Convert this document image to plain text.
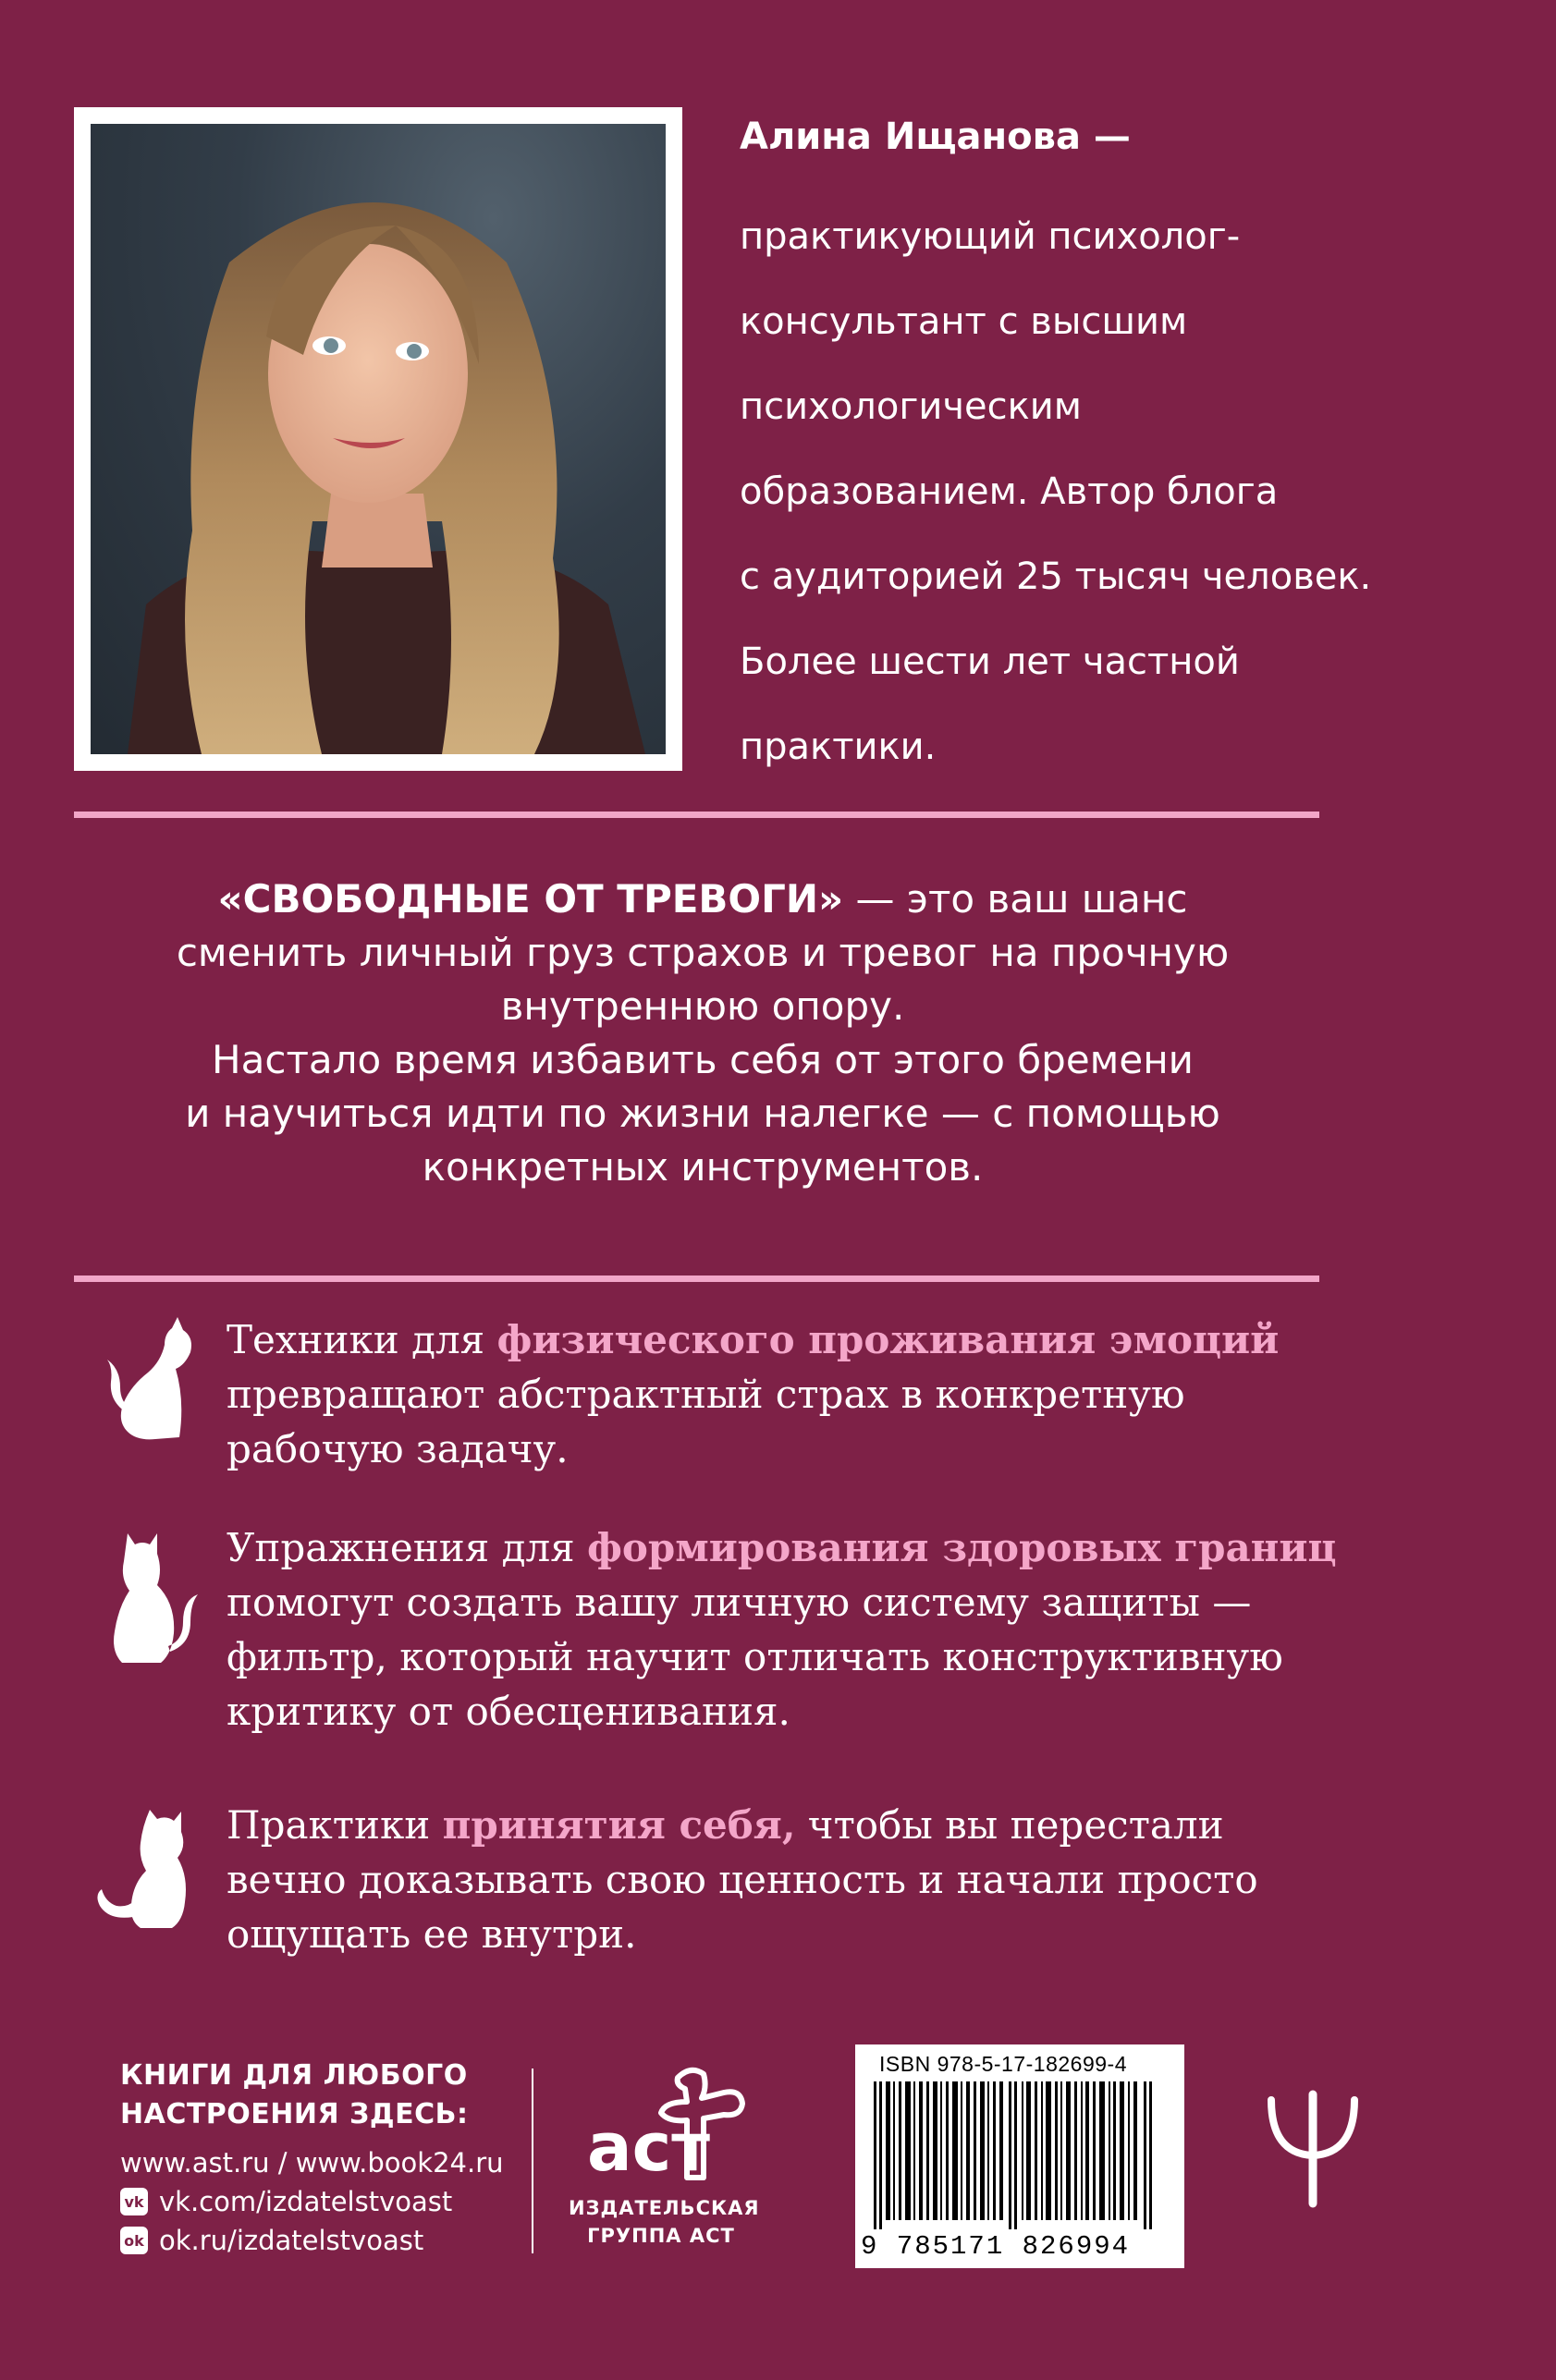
Алина Ищанова —
практикующий психолог-
консультант с высшим
психологическим
образованием. Автор блога
с аудиторией 25 тысяч человек.
Более шести лет частной
практики.
«СВОБОДНЫЕ ОТ ТРЕВОГИ» — это ваш шанс
сменить личный груз страхов и тревог на прочную
внутреннюю опору.
Настало время избавить себя от этого бремени
и научиться идти по жизни налегке — с помощью
конкретных инструментов.
Техники для физического проживания эмоций
превращают абстрактный страх в конкретную
рабочую задачу.
Упражнения для формирования здоровых границ
помогут создать вашу личную систему защиты —
фильтр, который научит отличать конструктивную
критику от обесценивания.
Практики принятия себя, чтобы вы перестали
вечно доказывать свою ценность и начали просто
ощущать ее внутри.
КНИГИ ДЛЯ ЛЮБОГО
НАСТРОЕНИЯ ЗДЕСЬ:
www.ast.ru / www.book24.ru
vk vk.com/izdatelstvoast
ok ok.ru/izdatelstvoast
аст
ИЗДАТЕЛЬСКАЯ
ГРУППА АСТ
ISBN 978-5-17-182699-4
9 785171 826994
